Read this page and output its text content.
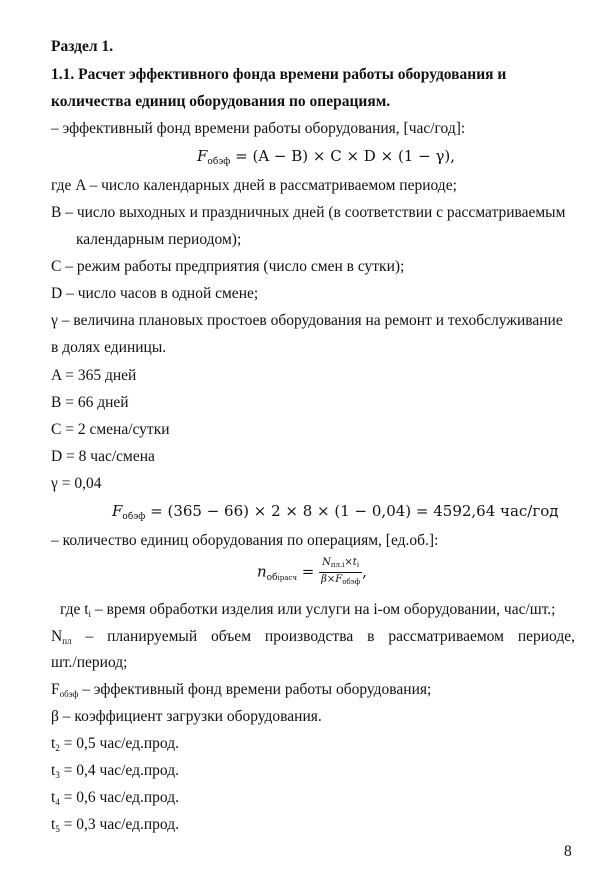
Раздел 1.
1.1. Расчет эффективного фонда времени работы оборудования и
количества единиц оборудования по операциям.
– эффективный фонд времени работы оборудования, [час/год]:
$F_{обэф} = (A - B) \times C \times D \times (1 - \gamma)$,
где A – число календарных дней в рассматриваемом периоде;
B – число выходных и праздничных дней (в соответствии с рассматриваемым
календарным периодом);
C – режим работы предприятия (число смен в сутки);
D – число часов в одной смене;
γ – величина плановых простоев оборудования на ремонт и техобслуживание
в долях единицы.
A = 365 дней
B = 66 дней
C = 2 смена/сутки
D = 8 час/смена
γ = 0,04
$F_{обэф} = (365 - 66) \times 2 \times 8 \times (1 - 0,04) = 4592,64$ час/год
– количество единиц оборудования по операциям, [ед.об.]:
$n_{обiрасч} = \frac{N_{пл.i}\times t_i}{\beta\times F_{обэф}}$ ,
где $t_i$ – время обработки изделия или услуги на i-ом оборудовании, час/шт.;
$N_{пл}$ – планируемый объем производства в рассматриваемом периоде,
шт./период;
$F_{обэф}$ – эффективный фонд времени работы оборудования;
β – коэффициент загрузки оборудования.
$t_2 = 0,5$ час/ед.прод.
$t_3 = 0,4$ час/ед.прод.
$t_4 = 0,6$ час/ед.прод.
$t_5 = 0,3$ час/ед.прод.
8
